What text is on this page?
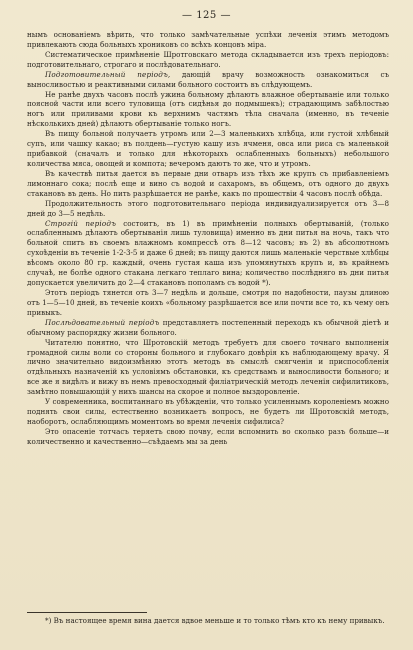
— 125 —

нымъ основаніемъ вѣрить, что только замѣчательные успѣхи леченія этимъ методомъ привлекають сюда больныхъ хрониковъ со всѣхъ концовъ міра.

Систематическое примѣненіе Шротговскаго метода складывается изъ трехъ періодовъ: подготовительнаго, строгаго и послѣдовательнаго.

Подготовительный періодъ, дающій врачу возможность ознакомиться съ выносливостью и реактивными силами больного состоитъ въ слѣдующемъ.

Не ранѣе двухъ часовъ послѣ ужина больному дѣлаютъ влажное обертываніе или только поясной части или всего туловища (отъ сидѣнья до подмышекъ); страдающимъ забѣлостью ногъ или приливами крови къ верхнимъ частямъ тѣла сначала (именно, въ теченіе нѣсколькихъ дней) дѣлаютъ обертываніе только ногъ.

Въ пищу больной получаетъ утромъ или 2—3 маленькихъ хлѣбца, или густой хлѣбный супъ, или чашку какао; въ полдень—густую кашу изъ ячменя, овса или риса съ маленькой прибавкой (сначалъ и только для нѣкоторыхъ ослабленныхъ больныхъ) небольшого количества мяса, овощей и компота; вечеромъ даютъ то же, что и утромъ.

Въ качествѣ питья дается въ первые дни отваръ изъ тѣхъ же крупъ съ прибавленіемъ лимоннаго сока; послѣ еще и вино съ водой и сахаромъ, въ общемъ, отъ одного до двухъ стакановъ въ день. Но пить разрѣшается не ранѣе, какъ по прошествіи 4 часовъ послѣ обѣда.

Продолжительность этого подготовительнаго періода индивидуализируется отъ 3—8 дней до 3—5 недѣль.

Строгій періодъ состоитъ, въ 1) въ примѣненіи полныхъ обертываній, (только ослабленнымъ дѣлаютъ обертыванія лишь туловища) именно въ дни питья на ночь, такъ что больной спитъ въ своемъ влажномъ компрессѣ отъ 8—12 часовъ; въ 2) въ абсолютномъ сухоѣденіи въ теченіе 1-2-3-5 и даже 6 дней; въ пищу даются лишь маленькіе черствые хлѣбцы вѣсомъ около 80 гр. каждый, очень густая каша изъ упомянутыхъ крупъ и, въ крайнемъ случаѣ, не болѣе одного стакана легкаго теплаго вина; количество послѣдняго въ дни питья допускается увеличить до 2—4 стакановъ пополамъ съ водой *).

Этотъ періодъ тянется отъ 3—7 недѣль и дольше, смотря по надобности, паузы длиною отъ 1—5—10 дней, въ теченіе коихъ «больному разрѣшается все или почти все то, къ чему онъ привыкъ.

Послѣдовательный періодъ представляетъ постепенный переходъ къ обычной діетѣ и обычному распорядку жизни больного.

Читателю понятно, что Шротовскій методъ требуетъ для своего точнаго выполненія громадной силы воли со стороны больного и глубокаго довѣрія къ наблюдающему врачу. Я лично значительно видоизмѣняю этотъ методъ въ смыслѣ смягченія и приспособленія отдѣльныхъ назначеній къ условіямъ обстановки, къ средствамъ и выносливости больного; и все же я видѣлъ и вижу въ немъ превосходный филіатрическій методъ леченія сифилитиковъ, замѣтно повышающій у нихъ шансы на скорое и полное выздоровленіе.

У современника, воспитаннаго въ убѣжденіи, что только усиленнымъ короленіемъ можно поднять свои силы, естественно возникаетъ вопросъ, не будетъ ли Шротовскій методъ, наоборотъ, ослабляющимъ моментомъ во время леченія сифилиса?

Это опасеніе тотчасъ теряетъ свою почву, если вспомнить во сколько разъ больше—и количественно и качественно—съѣдаемъ мы за день

*) Въ настоящее время вина дается вдвое меньше и то только тѣмъ кто къ нему привыкъ.
